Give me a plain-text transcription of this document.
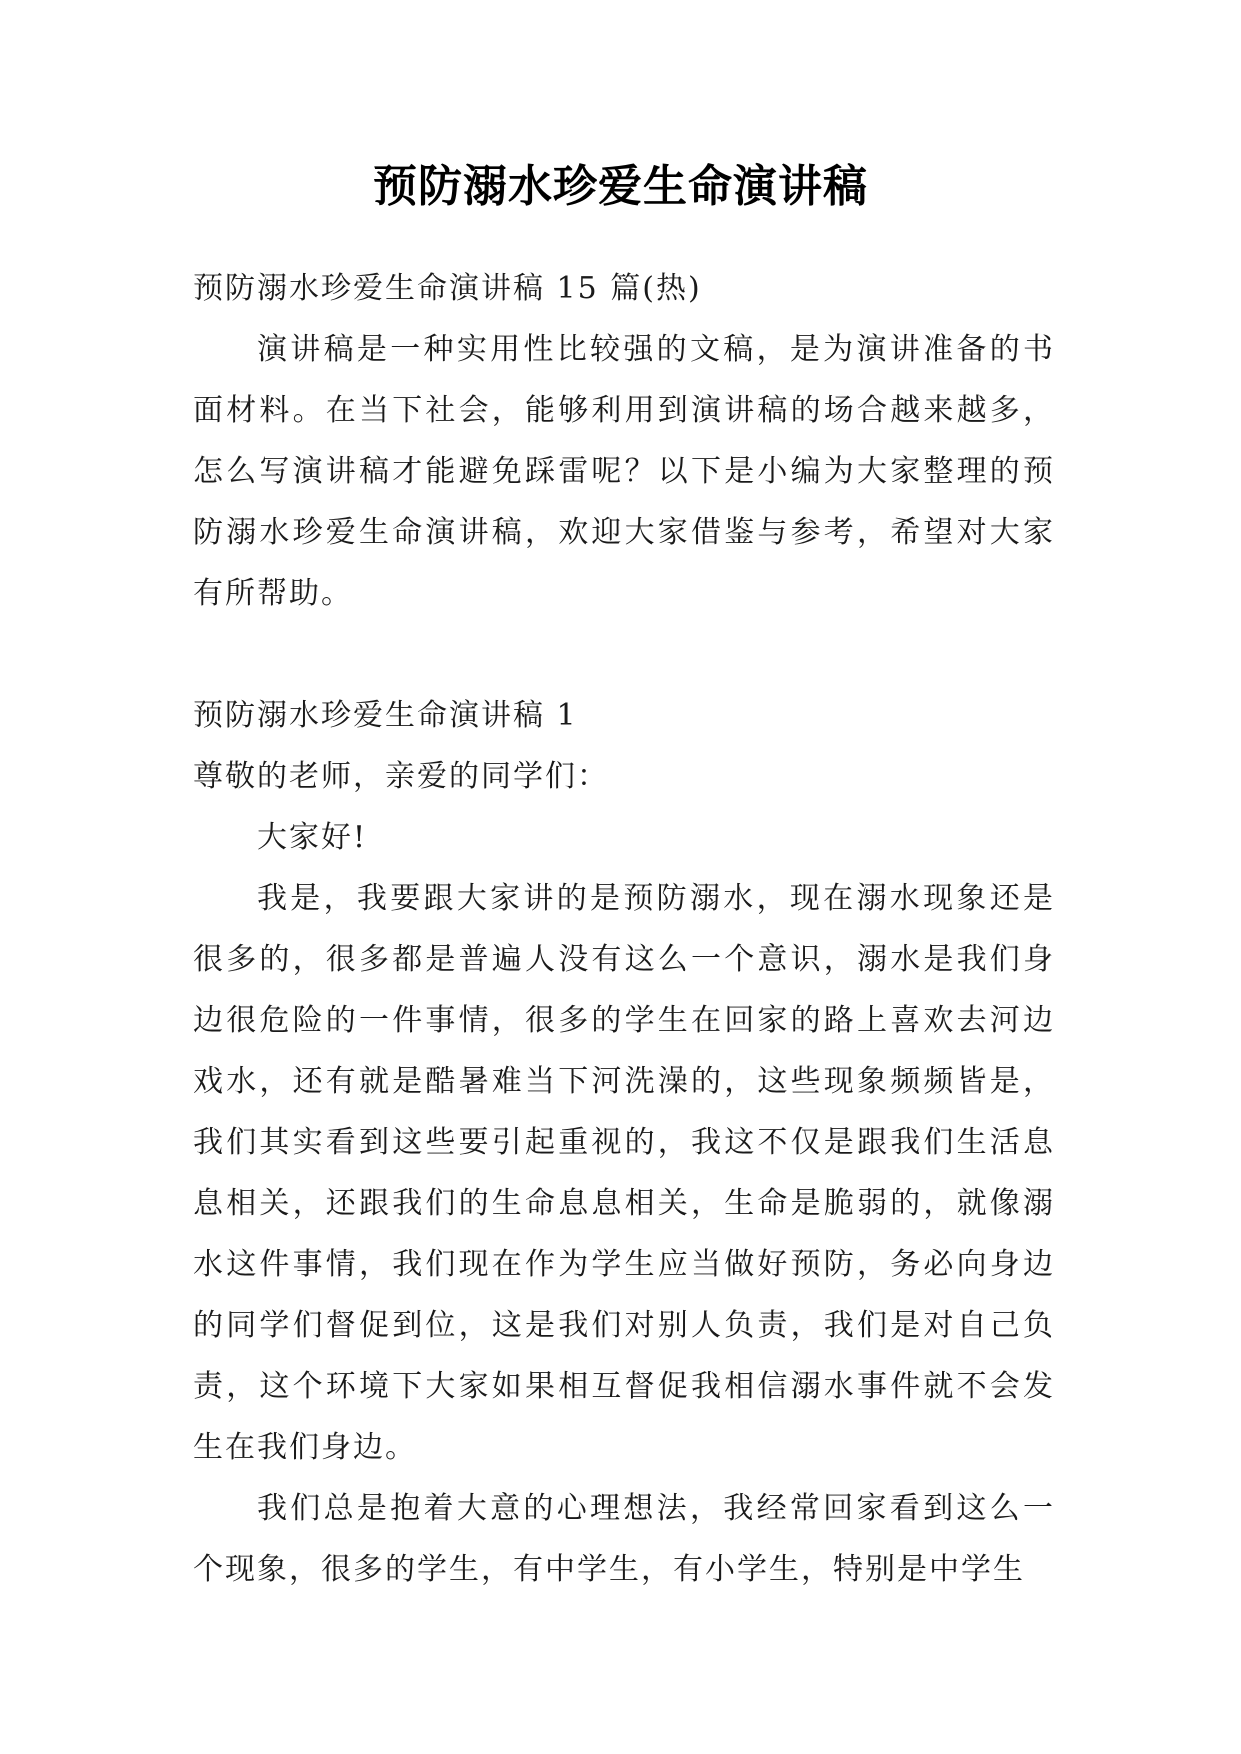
预防溺水珍爱生命演讲稿

预防溺水珍爱生命演讲稿 15 篇(热)

演讲稿是一种实用性比较强的文稿，是为演讲准备的书面材料。在当下社会，能够利用到演讲稿的场合越来越多，怎么写演讲稿才能避免踩雷呢？以下是小编为大家整理的预防溺水珍爱生命演讲稿，欢迎大家借鉴与参考，希望对大家有所帮助。

预防溺水珍爱生命演讲稿 1

尊敬的老师，亲爱的同学们：

大家好!

我是，我要跟大家讲的是预防溺水，现在溺水现象还是很多的，很多都是普遍人没有这么一个意识，溺水是我们身边很危险的一件事情，很多的学生在回家的路上喜欢去河边戏水，还有就是酷暑难当下河洗澡的，这些现象频频皆是，我们其实看到这些要引起重视的，我这不仅是跟我们生活息息相关，还跟我们的生命息息相关，生命是脆弱的，就像溺水这件事情，我们现在作为学生应当做好预防，务必向身边的同学们督促到位，这是我们对别人负责，我们是对自己负责，这个环境下大家如果相互督促我相信溺水事件就不会发生在我们身边。

我们总是抱着大意的心理想法，我经常回家看到这么一个现象，很多的学生，有中学生，有小学生，特别是中学生
